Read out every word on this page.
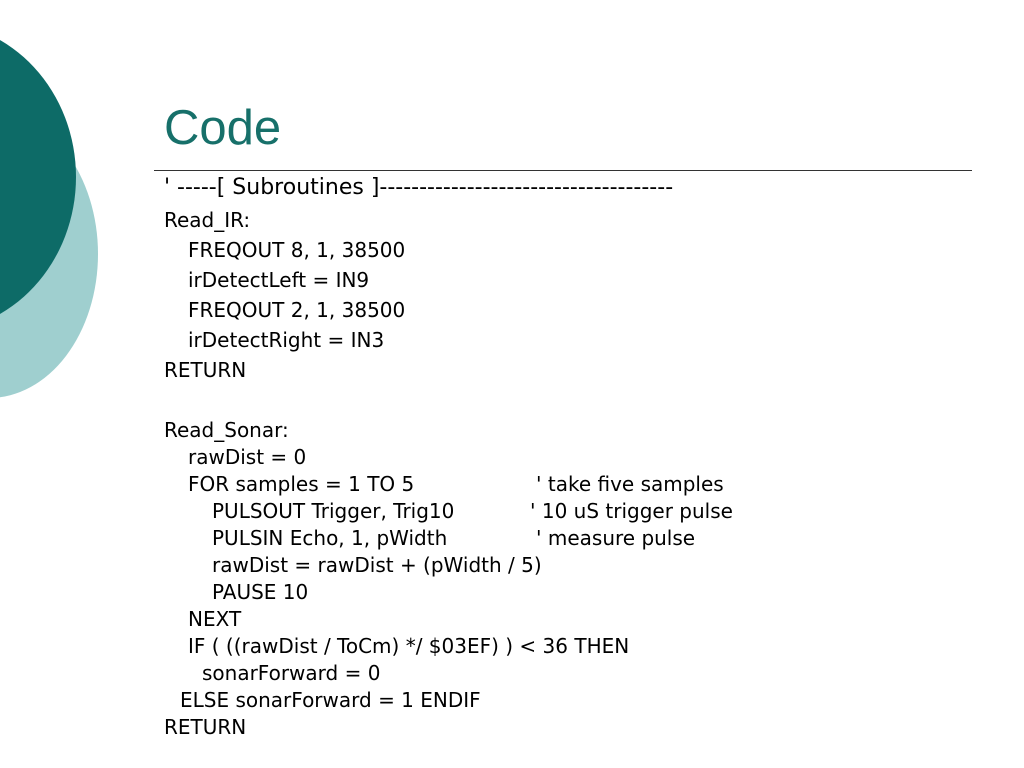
Code
' -----[ Subroutines ]-------------------------------------
Read_IR:
FREQOUT 8, 1, 38500
irDetectLeft = IN9
FREQOUT 2, 1, 38500
irDetectRight = IN3
RETURN
Read_Sonar:
rawDist = 0
FOR samples = 1 TO 5	' take five samples
PULSOUT Trigger, Trig10	' 10 uS trigger pulse
PULSIN Echo, 1, pWidth	' measure pulse
rawDist = rawDist + (pWidth / 5)
PAUSE 10
NEXT
IF ( ((rawDist / ToCm) */ $03EF) ) < 36 THEN
sonarForward = 0
ELSE sonarForward = 1 ENDIF
RETURN
